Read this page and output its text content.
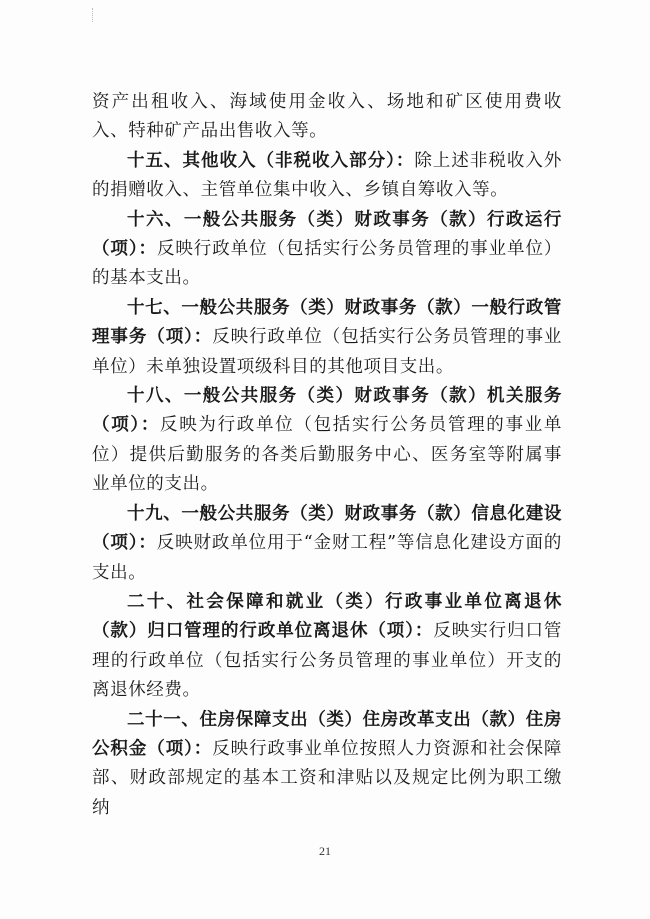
资产出租收入、海域使用金收入、场地和矿区使用费收入、特种矿产品出售收入等。

十五、其他收入（非税收入部分）：除上述非税收入外的捐赠收入、主管单位集中收入、乡镇自筹收入等。

十六、一般公共服务（类）财政事务（款）行政运行（项）：反映行政单位（包括实行公务员管理的事业单位）的基本支出。

十七、一般公共服务（类）财政事务（款）一般行政管理事务（项）：反映行政单位（包括实行公务员管理的事业单位）未单独设置项级科目的其他项目支出。

十八、一般公共服务（类）财政事务（款）机关服务（项）：反映为行政单位（包括实行公务员管理的事业单位）提供后勤服务的各类后勤服务中心、医务室等附属事业单位的支出。

十九、一般公共服务（类）财政事务（款）信息化建设（项）：反映财政单位用于“金财工程”等信息化建设方面的支出。

二十、社会保障和就业（类）行政事业单位离退休（款）归口管理的行政单位离退休（项）：反映实行归口管理的行政单位（包括实行公务员管理的事业单位）开支的离退休经费。

二十一、住房保障支出（类）住房改革支出（款）住房公积金（项）：反映行政事业单位按照人力资源和社会保障部、财政部规定的基本工资和津贴以及规定比例为职工缴纳

21
